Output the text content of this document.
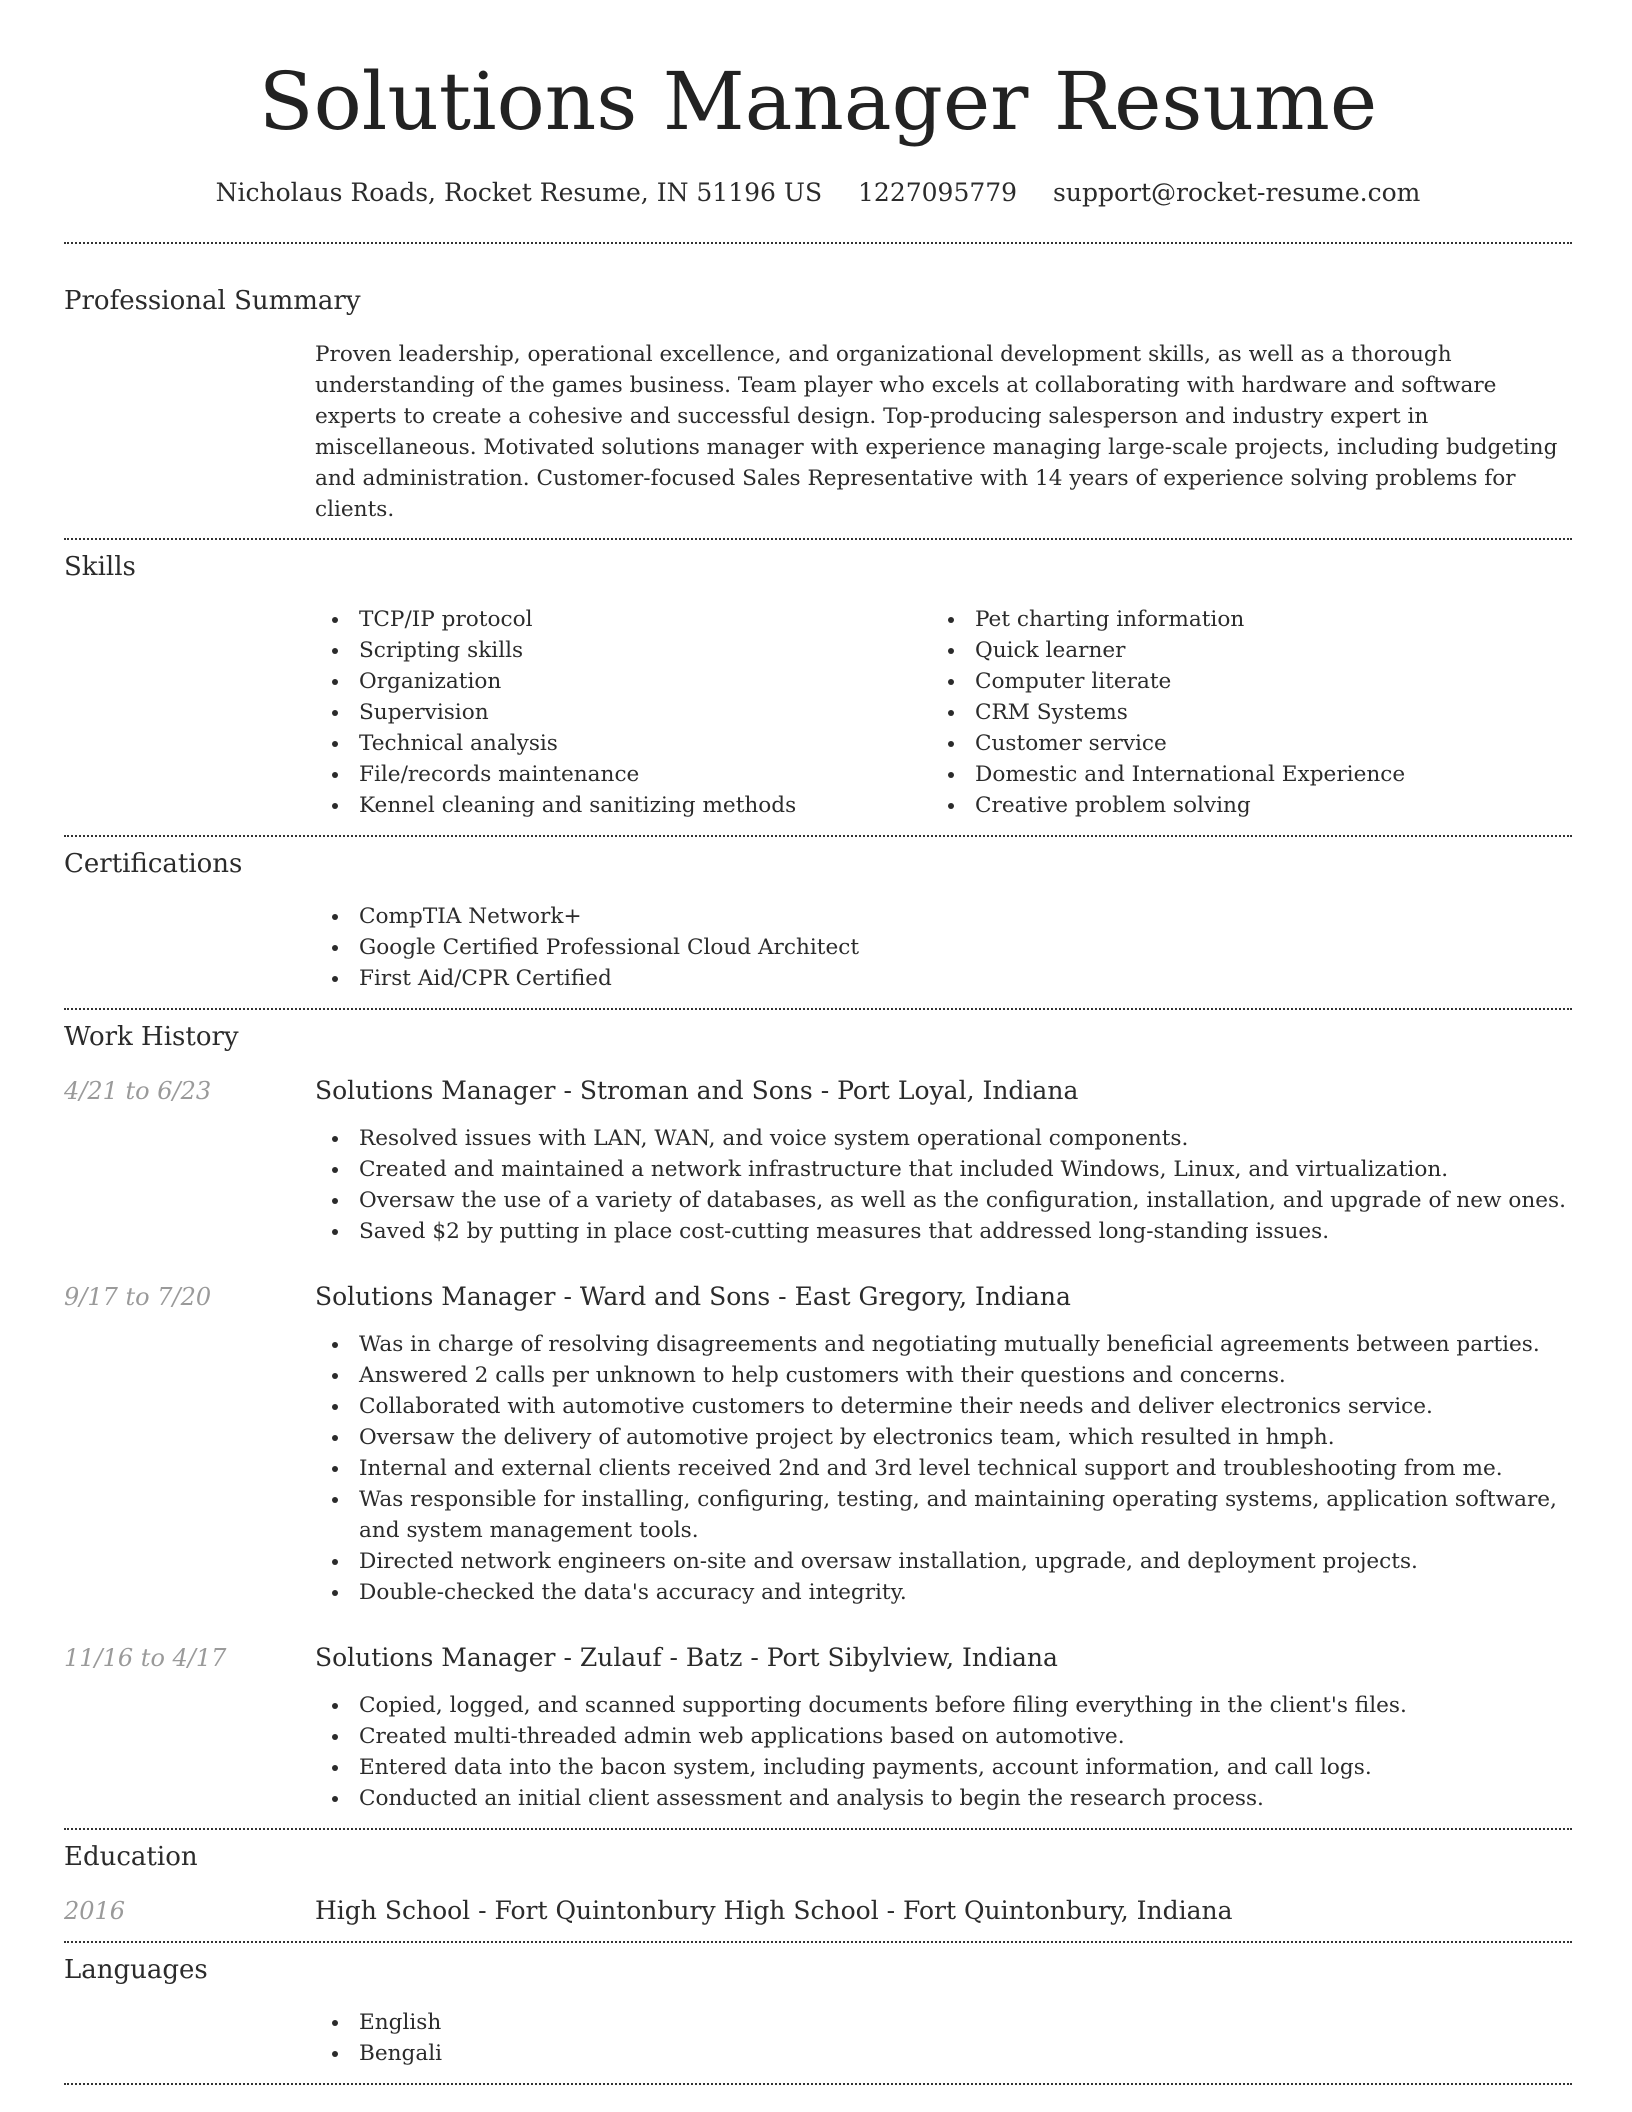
Solutions Manager Resume
Nicholaus Roads, Rocket Resume, IN 51196 US 1227095779 support@rocket-resume.com
Professional Summary
Proven leadership, operational excellence, and organizational development skills, as well as a thorough understanding of the games business. Team player who excels at collaborating with hardware and software experts to create a cohesive and successful design. Top-producing salesperson and industry expert in miscellaneous. Motivated solutions manager with experience managing large-scale projects, including budgeting and administration. Customer-focused Sales Representative with 14 years of experience solving problems for clients.
Skills
TCP/IP protocol
Scripting skills
Organization
Supervision
Technical analysis
File/records maintenance
Kennel cleaning and sanitizing methods
Pet charting information
Quick learner
Computer literate
CRM Systems
Customer service
Domestic and International Experience
Creative problem solving
Certifications
CompTIA Network+
Google Certified Professional Cloud Architect
First Aid/CPR Certified
Work History
4/21 to 6/23	Solutions Manager - Stroman and Sons - Port Loyal, Indiana
Resolved issues with LAN, WAN, and voice system operational components.
Created and maintained a network infrastructure that included Windows, Linux, and virtualization.
Oversaw the use of a variety of databases, as well as the configuration, installation, and upgrade of new ones.
Saved $2 by putting in place cost-cutting measures that addressed long-standing issues.
9/17 to 7/20	Solutions Manager - Ward and Sons - East Gregory, Indiana
Was in charge of resolving disagreements and negotiating mutually beneficial agreements between parties.
Answered 2 calls per unknown to help customers with their questions and concerns.
Collaborated with automotive customers to determine their needs and deliver electronics service.
Oversaw the delivery of automotive project by electronics team, which resulted in hmph.
Internal and external clients received 2nd and 3rd level technical support and troubleshooting from me.
Was responsible for installing, configuring, testing, and maintaining operating systems, application software, and system management tools.
Directed network engineers on-site and oversaw installation, upgrade, and deployment projects.
Double-checked the data's accuracy and integrity.
11/16 to 4/17	Solutions Manager - Zulauf - Batz - Port Sibylview, Indiana
Copied, logged, and scanned supporting documents before filing everything in the client's files.
Created multi-threaded admin web applications based on automotive.
Entered data into the bacon system, including payments, account information, and call logs.
Conducted an initial client assessment and analysis to begin the research process.
Education
2016	High School - Fort Quintonbury High School - Fort Quintonbury, Indiana
Languages
English
Bengali
